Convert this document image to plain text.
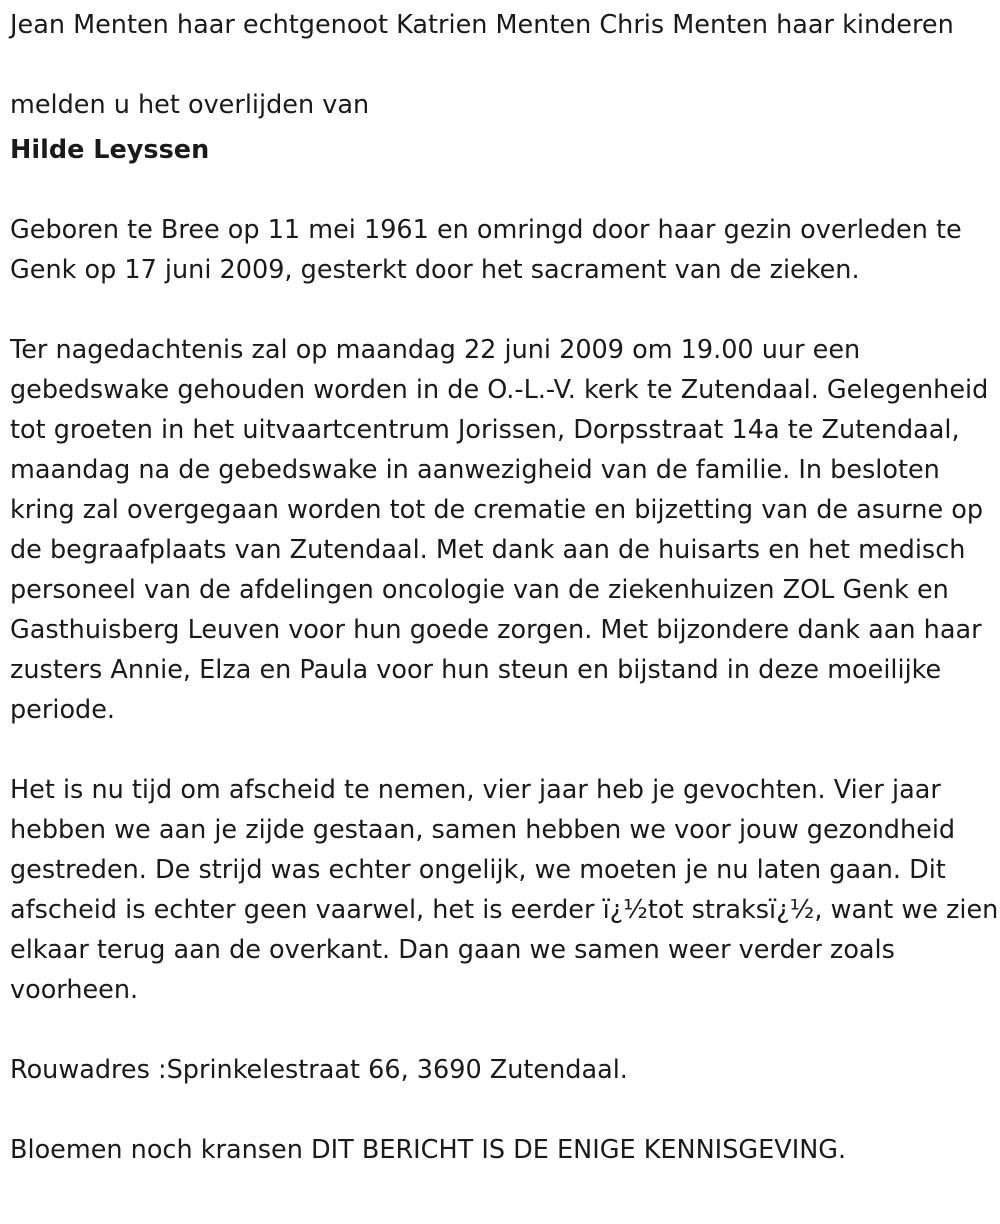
Jean Menten haar echtgenoot Katrien Menten Chris Menten haar kinderen

melden u het overlijden van

Hilde Leyssen

Geboren te Bree op 11 mei 1961 en omringd door haar gezin overleden te Genk op 17 juni 2009, gesterkt door het sacrament van de zieken.

Ter nagedachtenis zal op maandag 22 juni 2009 om 19.00 uur een gebedswake gehouden worden in de O.-L.-V. kerk te Zutendaal. Gelegenheid tot groeten in het uitvaartcentrum Jorissen, Dorpsstraat 14a te Zutendaal, maandag na de gebedswake in aanwezigheid van de familie. In besloten kring zal overgegaan worden tot de crematie en bijzetting van de asurne op de begraafplaats van Zutendaal. Met dank aan de huisarts en het medisch personeel van de afdelingen oncologie van de ziekenhuizen ZOL Genk en Gasthuisberg Leuven voor hun goede zorgen. Met bijzondere dank aan haar zusters Annie, Elza en Paula voor hun steun en bijstand in deze moeilijke periode.

Het is nu tijd om afscheid te nemen, vier jaar heb je gevochten. Vier jaar hebben we aan je zijde gestaan, samen hebben we voor jouw gezondheid gestreden. De strijd was echter ongelijk, we moeten je nu laten gaan. Dit afscheid is echter geen vaarwel, het is eerder ï¿½tot straksï¿½, want we zien elkaar terug aan de overkant. Dan gaan we samen weer verder zoals voorheen.

Rouwadres :Sprinkelestraat 66, 3690 Zutendaal.

Bloemen noch kransen DIT BERICHT IS DE ENIGE KENNISGEVING.
